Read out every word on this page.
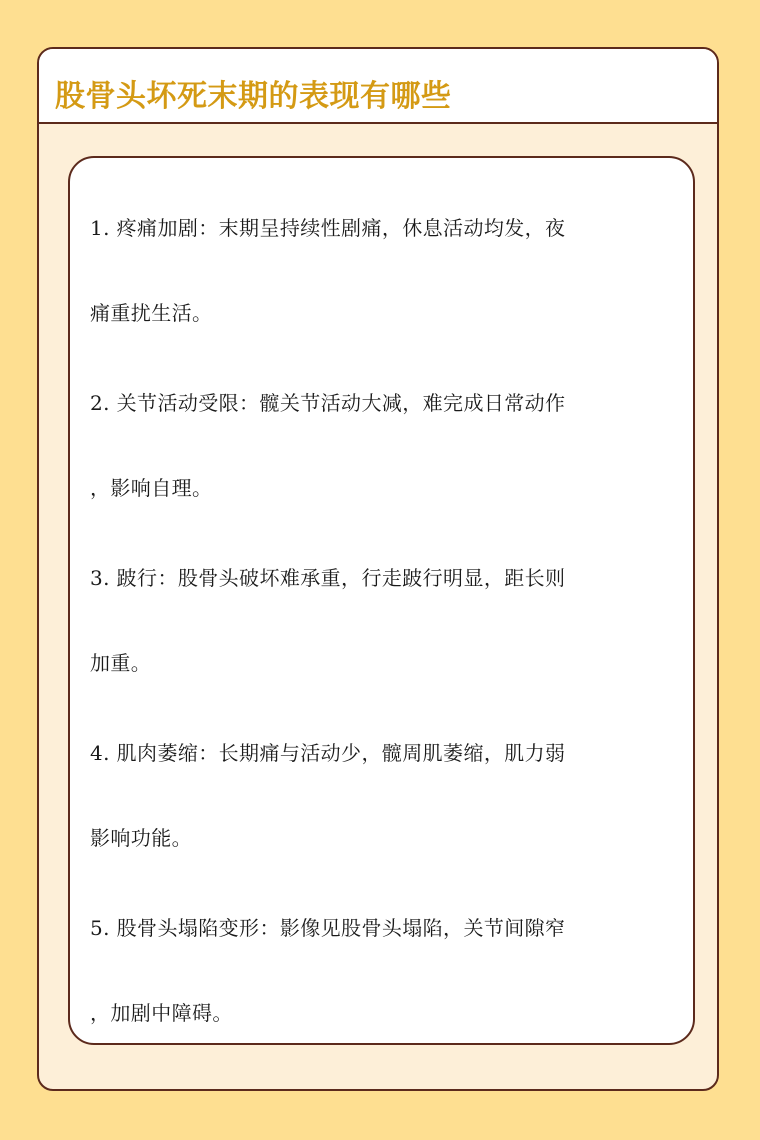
股骨头坏死末期的表现有哪些
1. 疼痛加剧：末期呈持续性剧痛，休息活动均发，夜
痛重扰生活。
2. 关节活动受限：髋关节活动大减，难完成日常动作
，影响自理。
3. 跛行：股骨头破坏难承重，行走跛行明显，距长则
加重。
4. 肌肉萎缩：长期痛与活动少，髋周肌萎缩，肌力弱
影响功能。
5. 股骨头塌陷变形：影像见股骨头塌陷，关节间隙窄
，加剧中障碍。
